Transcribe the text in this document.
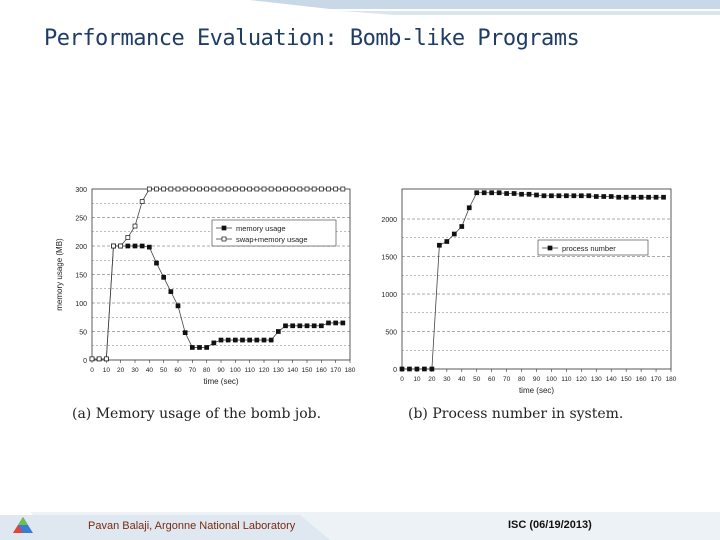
Performance Evaluation: Bomb-like Programs
0
50
100
150
200
250
300
0 10 20 30 40 50 60 70 80 90 100 110 120 130 140 150 160 170 180
time (sec)
memory usage (MB)
memory usage
swap+memory usage
0
500
1000
1500
2000
0 10 20 30 40 50 60 70 80 90 100 110 120 130 140 150 160 170 180
time (sec)
process number
(a) Memory usage of the bomb job.	(b) Process number in system.
Pavan Balaji, Argonne National Laboratory	ISC (06/19/2013)
